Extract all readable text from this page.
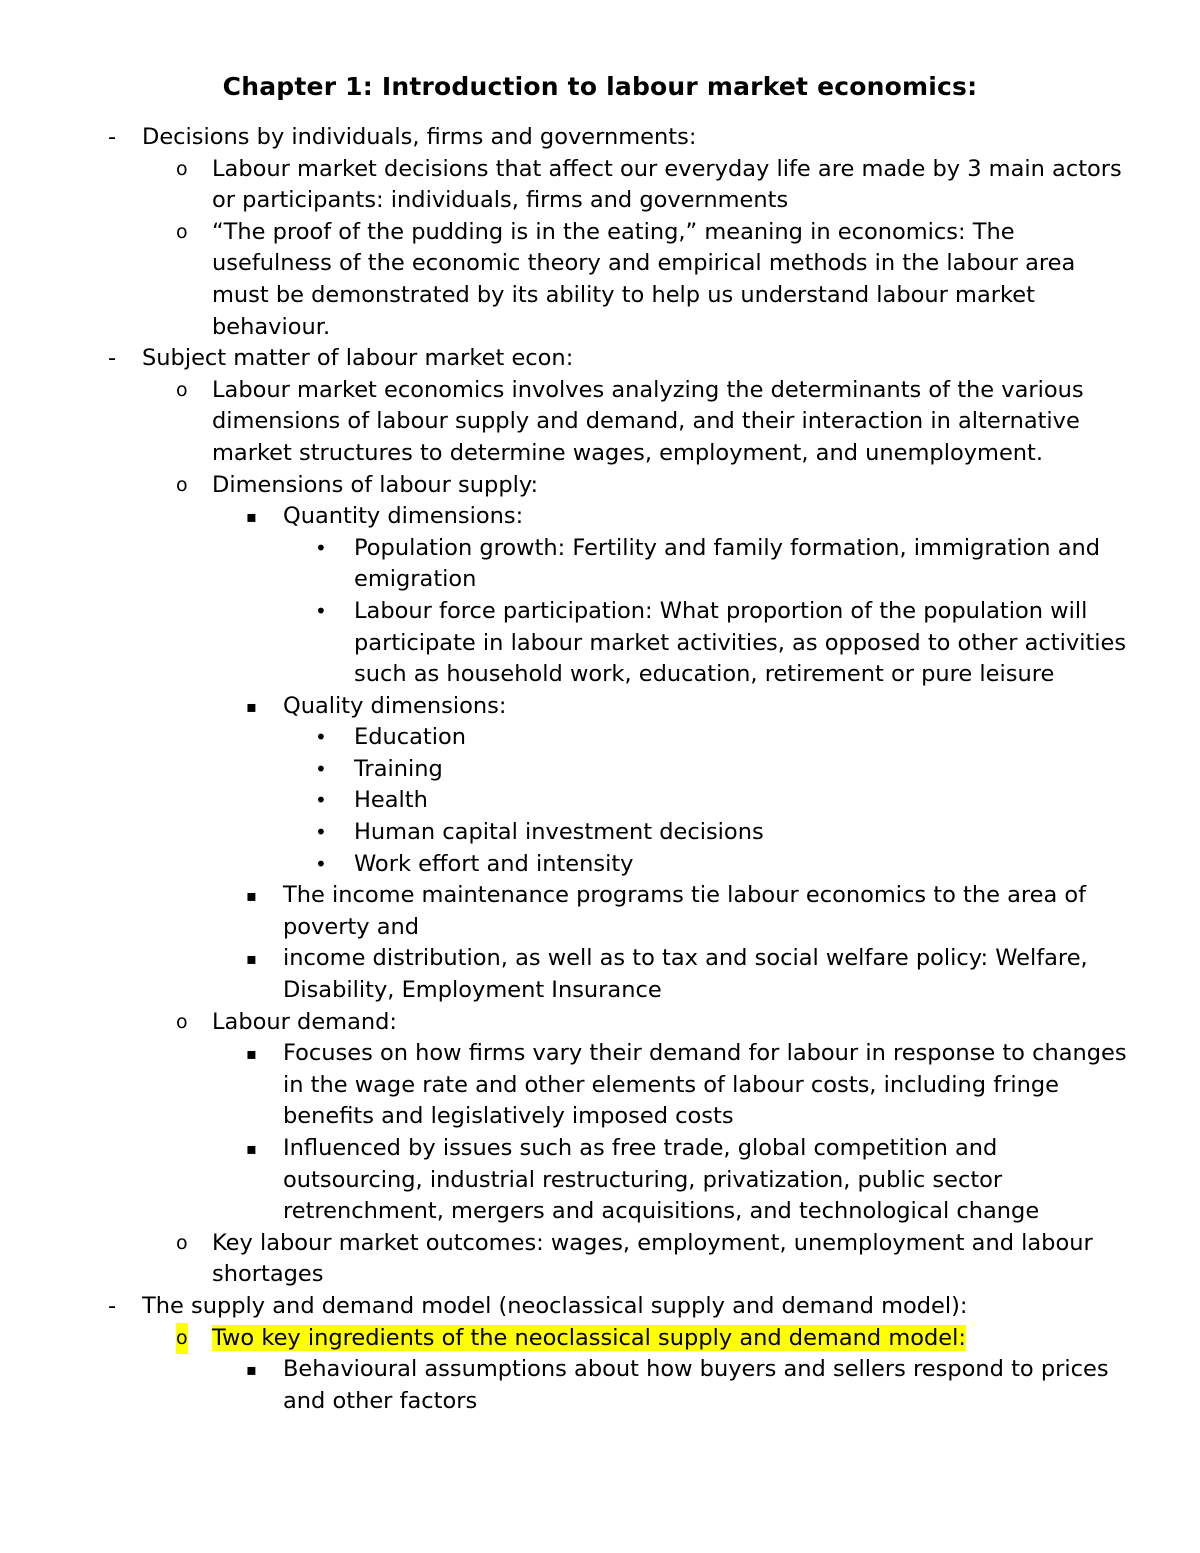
Chapter 1: Introduction to labour market economics:
- Decisions by individuals, firms and governments:
o Labour market decisions that affect our everyday life are made by 3 main actors or participants: individuals, firms and governments
o “The proof of the pudding is in the eating,” meaning in economics: The usefulness of the economic theory and empirical methods in the labour area must be demonstrated by its ability to help us understand labour market behaviour.
- Subject matter of labour market econ:
o Labour market economics involves analyzing the determinants of the various dimensions of labour supply and demand, and their interaction in alternative market structures to determine wages, employment, and unemployment.
o Dimensions of labour supply:
▪ Quantity dimensions:
• Population growth: Fertility and family formation, immigration and emigration
• Labour force participation: What proportion of the population will participate in labour market activities, as opposed to other activities such as household work, education, retirement or pure leisure
▪ Quality dimensions:
• Education
• Training
• Health
• Human capital investment decisions
• Work effort and intensity
▪ The income maintenance programs tie labour economics to the area of poverty and
▪ income distribution, as well as to tax and social welfare policy: Welfare, Disability, Employment Insurance
o Labour demand:
▪ Focuses on how firms vary their demand for labour in response to changes in the wage rate and other elements of labour costs, including fringe benefits and legislatively imposed costs
▪ Influenced by issues such as free trade, global competition and outsourcing, industrial restructuring, privatization, public sector retrenchment, mergers and acquisitions, and technological change
o Key labour market outcomes: wages, employment, unemployment and labour shortages
- The supply and demand model (neoclassical supply and demand model):
o Two key ingredients of the neoclassical supply and demand model:
▪ Behavioural assumptions about how buyers and sellers respond to prices and other factors
